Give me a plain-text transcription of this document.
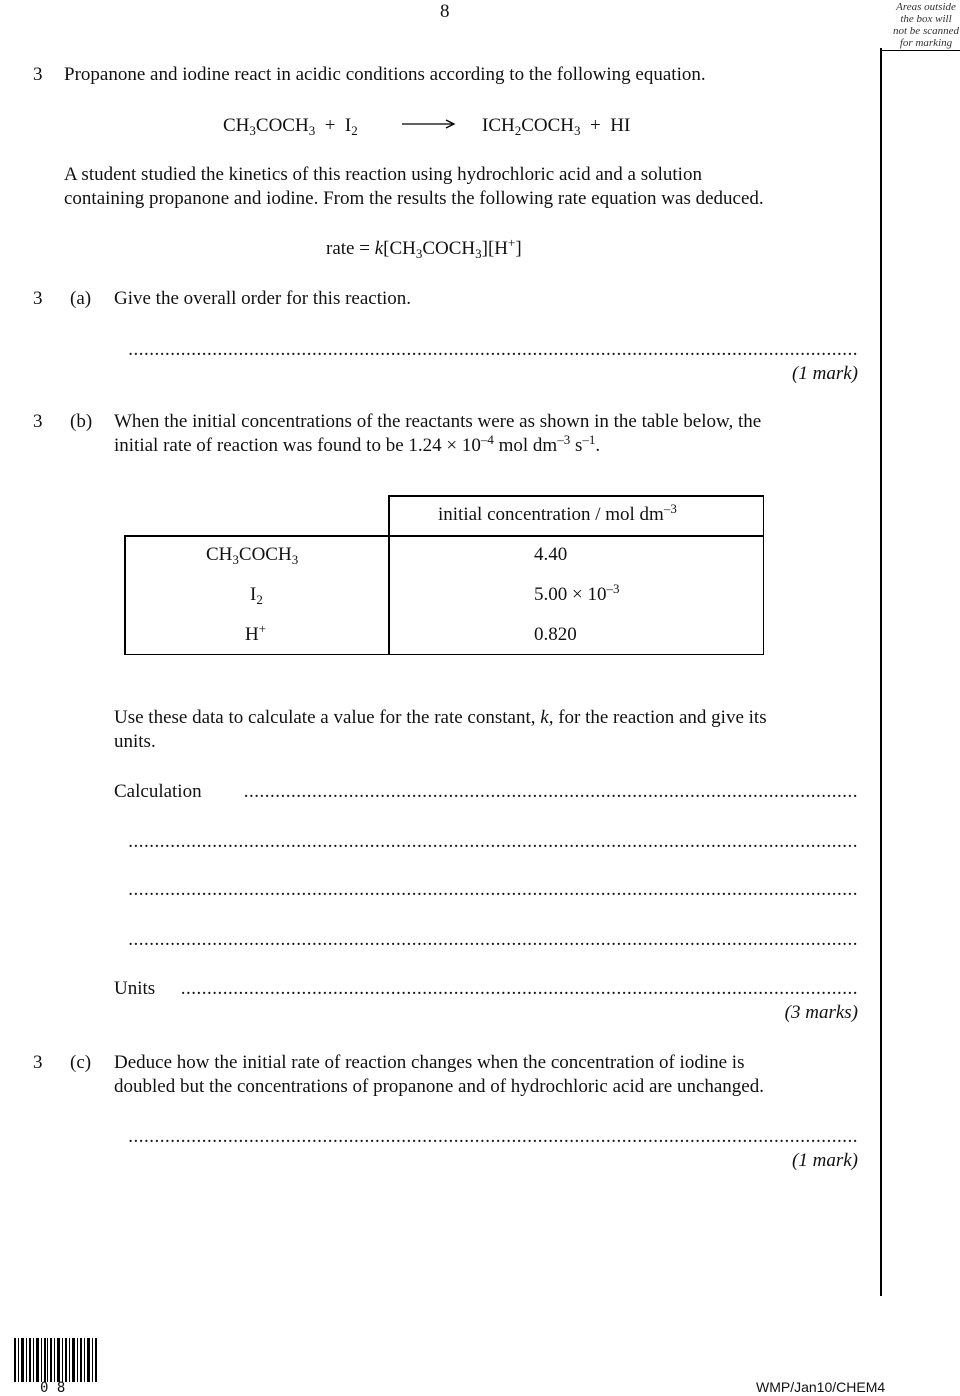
8	Areas outside
the box will
not be scanned
for marking
3 Propanone and iodine react in acidic conditions according to the following equation.
$CH_3COCH_3 + I_2$	$ICH_2COCH_3$ + HI
A student studied the kinetics of this reaction using hydrochloric acid and a solution
containing propanone and iodine. From the results the following rate equation was deduced.
rate = $k[CH_3COCH_3][H^+]$
3 (a) Give the overall order for this reaction.
...........................................................................................................................................
(1 mark)
3 (b) When the initial concentrations of the reactants were as shown in the table below, the
initial rate of reaction was found to be $1.24 \times 10^{-4}$ mol $dm^{-3}$ $s^{-1}$.
initial concentration / mol $dm^{-3}$
$CH_3COCH_3$	4.40
$I_2$	$5.00 \times 10^{-3}$
H+	0.820
Use these data to calculate a value for the rate constant, k, for the reaction and give its
units.
Calculation	.....................................................................................................................
...........................................................................................................................................
...........................................................................................................................................
...........................................................................................................................................
Units	.................................................................................................................................
(3 marks)
3 (c) Deduce how the initial rate of reaction changes when the concentration of iodine is
doubled but the concentrations of propanone and of hydrochloric acid are unchanged.
...........................................................................................................................................
(1 mark)
0 8	WMP/Jan10/CHEM4
